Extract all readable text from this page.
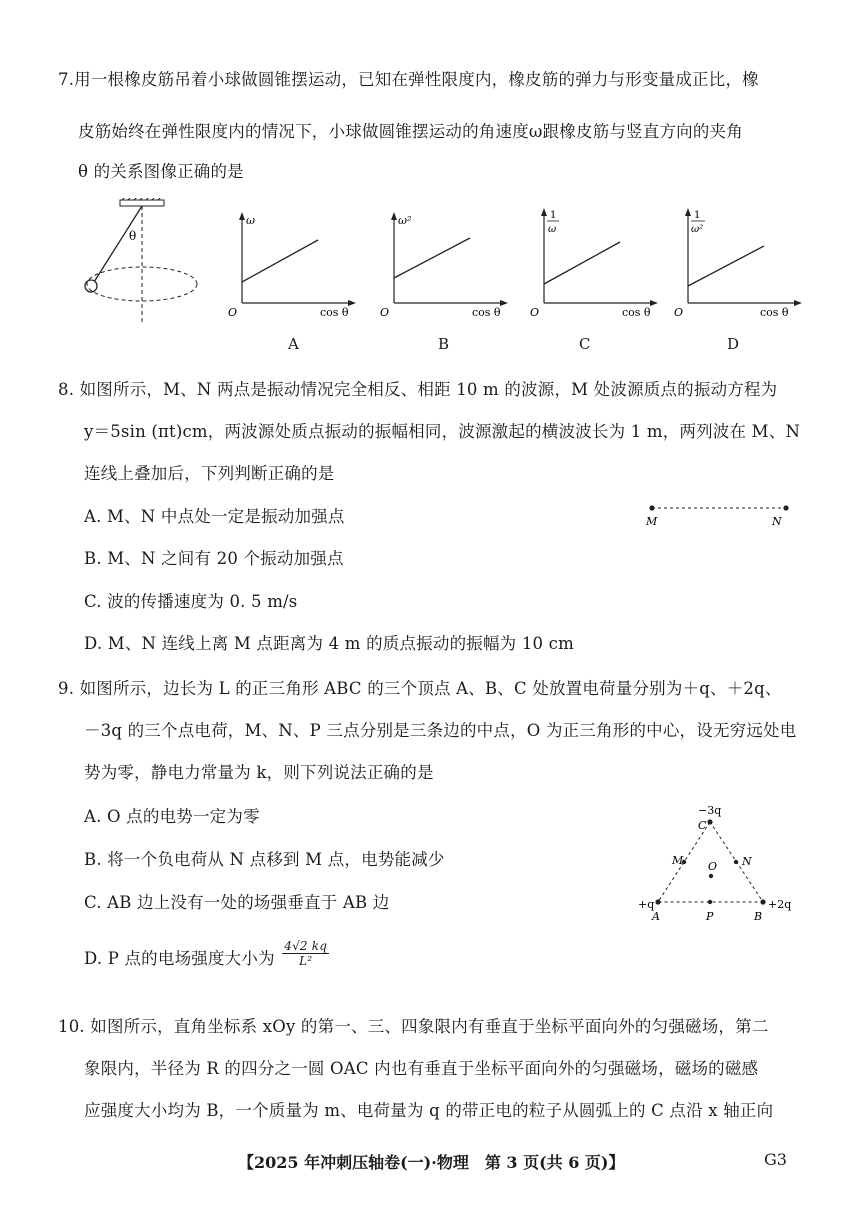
7.用一根橡皮筋吊着小球做圆锥摆运动，已知在弹性限度内，橡皮筋的弹力与形变量成正比，橡
皮筋始终在弹性限度内的情况下，小球做圆锥摆运动的角速度ω跟橡皮筋与竖直方向的夹角
θ 的关系图像正确的是
θ
ω
O	cos θ
A
ω²
O	cos θ
B
1
ω
O	cos θ
C
1
ω²
O	cos θ
D
8. 如图所示，M、N 两点是振动情况完全相反、相距 10 m 的波源，M 处波源质点的振动方程为
y＝5sin (πt)cm，两波源处质点振动的振幅相同，波源激起的横波波长为 1 m，两列波在 M、N
连线上叠加后，下列判断正确的是
A. M、N 中点处一定是振动加强点
B. M、N 之间有 20 个振动加强点
C. 波的传播速度为 0. 5 m/s
D. M、N 连线上离 M 点距离为 4 m 的质点振动的振幅为 10 cm
M	N
9. 如图所示，边长为 L 的正三角形 ABC 的三个顶点 A、B、C 处放置电荷量分别为＋q、＋2q、
－3q 的三个点电荷，M、N、P 三点分别是三条边的中点，O 为正三角形的中心，设无穷远处电
势为零，静电力常量为 k，则下列说法正确的是
A. O 点的电势一定为零
B. 将一个负电荷从 N 点移到 M 点，电势能减少
C. AB 边上没有一处的场强垂直于 AB 边
D. P 点的电场强度大小为 $\frac{4√2 kq}{\text{L²}}$
−3q
C
M	N
O
+q
A	P	B
+2q
10. 如图所示，直角坐标系 xOy 的第一、三、四象限内有垂直于坐标平面向外的匀强磁场，第二
象限内，半径为 R 的四分之一圆 OAC 内也有垂直于坐标平面向外的匀强磁场，磁场的磁感
应强度大小均为 B，一个质量为 m、电荷量为 q 的带正电的粒子从圆弧上的 C 点沿 x 轴正向
【2025 年冲刺压轴卷(一)·物理　第 3 页(共 6 页)】	G3
